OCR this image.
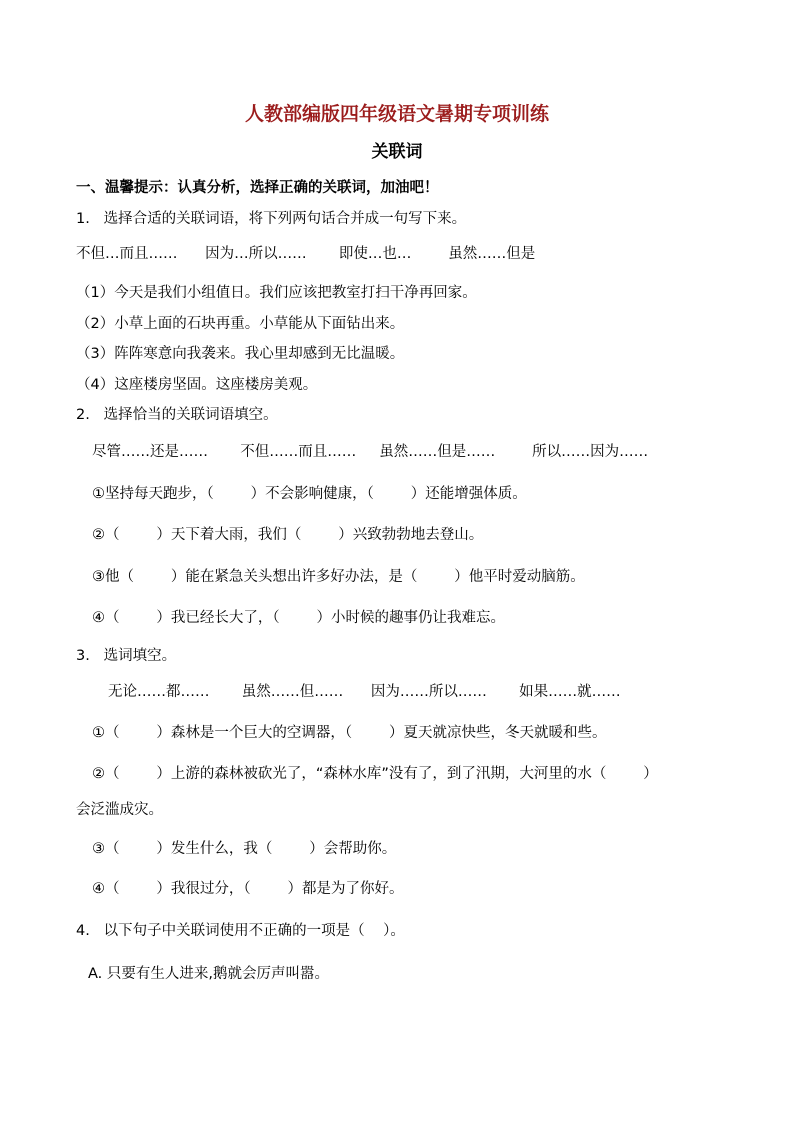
人教部编版四年级语文暑期专项训练
关联词
一、温馨提示：认真分析，选择正确的关联词，加油吧！
1.   选择合适的关联词语，将下列两句话合并成一句写下来。
不但…而且……      因为…所以……       即使…也…        虽然……但是
（1）今天是我们小组值日。我们应该把教室打扫干净再回家。
（2）小草上面的石块再重。小草能从下面钻出来。
（3）阵阵寒意向我袭来。我心里却感到无比温暖。
（4）这座楼房坚固。这座楼房美观。
2.   选择恰当的关联词语填空。
尽管……还是……       不但……而且……     虽然……但是……        所以……因为……
①坚持每天跑步，（        ）不会影响健康，（        ）还能增强体质。
②（        ）天下着大雨，我们（        ）兴致勃勃地去登山。
③他（        ）能在紧急关头想出许多好办法，是（        ）他平时爱动脑筋。
④（        ）我已经长大了，（        ）小时候的趣事仍让我难忘。
3.   选词填空。
无论……都……       虽然……但……      因为……所以……       如果……就……
①（        ）森林是一个巨大的空调器，（        ）夏天就凉快些，冬天就暖和些。
②（        ）上游的森林被砍光了，“森林水库”没有了，到了汛期，大河里的水（        ）
会泛滥成灾。
③（        ）发生什么，我（        ）会帮助你。
④（        ）我很过分，（        ）都是为了你好。
4.   以下句子中关联词使用不正确的一项是（    ）。
A. 只要有生人进来,鹅就会厉声叫嚣。
